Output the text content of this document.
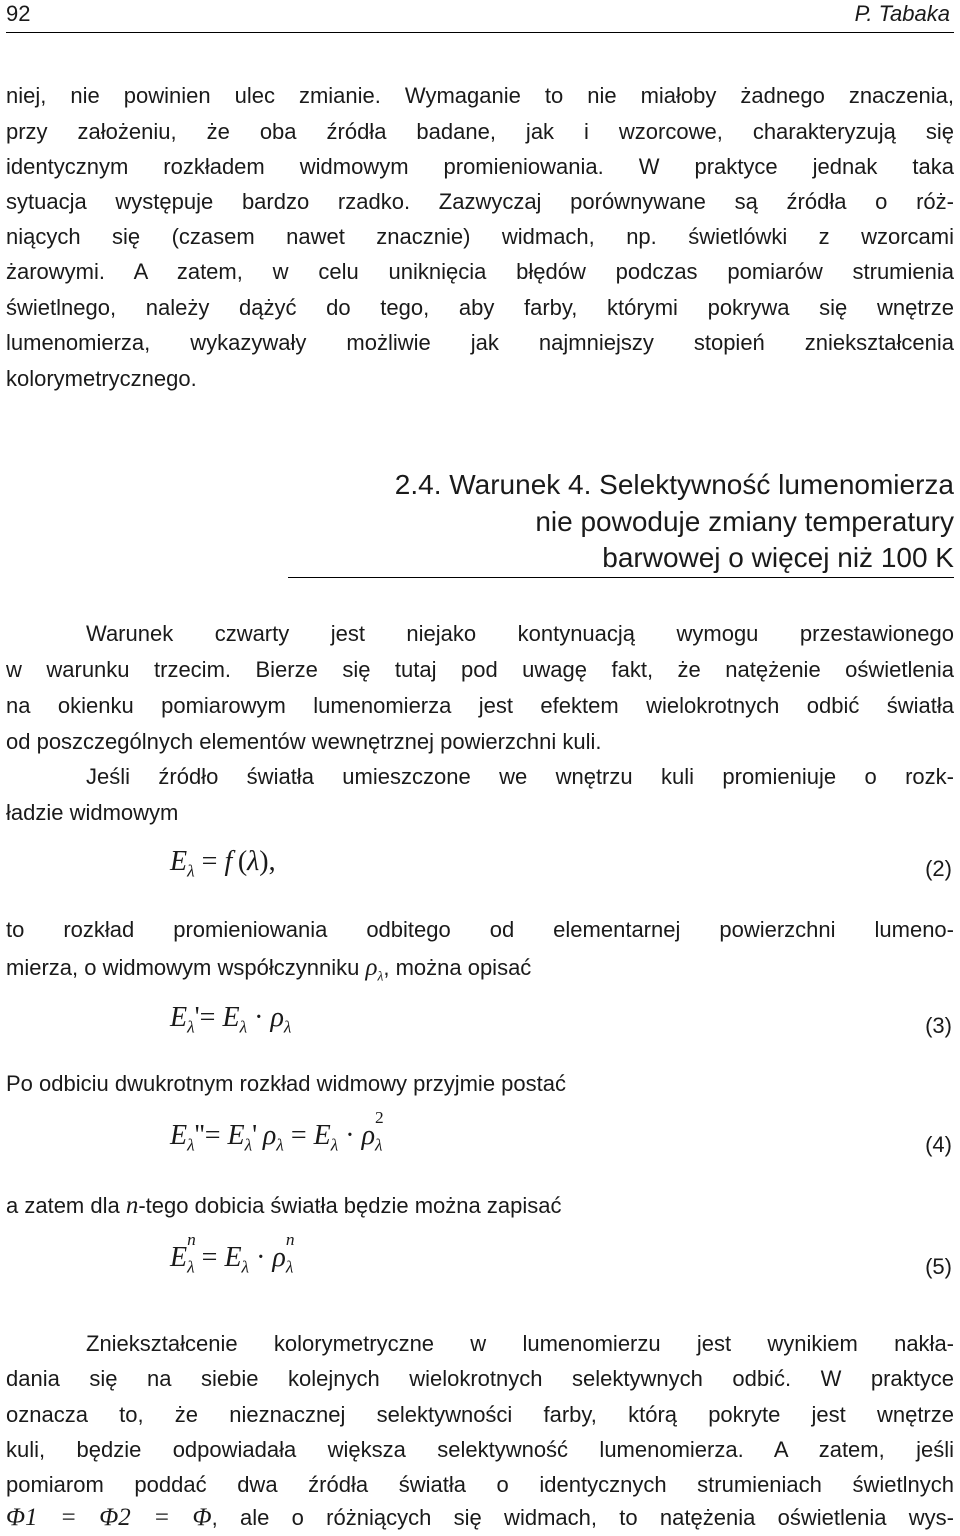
92	P. Tabaka
niej, nie powinien ulec zmianie. Wymaganie to nie miałoby żadnego znaczenia,
przy założeniu, że oba źródła badane, jak i wzorcowe, charakteryzują się
identycznym rozkładem widmowym promieniowania. W praktyce jednak taka
sytuacja występuje bardzo rzadko. Zazwyczaj porównywane są źródła o róż-
niących się (czasem nawet znacznie) widmach, np. świetlówki z wzorcami
żarowymi. A zatem, w celu uniknięcia błędów podczas pomiarów strumienia
świetlnego, należy dążyć do tego, aby farby, którymi pokrywa się wnętrze
lumenomierza, wykazywały możliwie jak najmniejszy stopień zniekształcenia
kolorymetrycznego.
2.4. Warunek 4. Selektywność lumenomierza
nie powoduje zmiany temperatury
barwowej o więcej niż 100 K
Warunek czwarty jest niejako kontynuacją wymogu przestawionego
w warunku trzecim. Bierze się tutaj pod uwagę fakt, że natężenie oświetlenia
na okienku pomiarowym lumenomierza jest efektem wielokrotnych odbić światła
od poszczególnych elementów wewnętrznej powierzchni kuli.
Jeśli źródło światła umieszczone we wnętrzu kuli promieniuje o rozk-
ładzie widmowym
$E_\lambda = f$ (λ),	(2)
to rozkład promieniowania odbitego od elementarnej powierzchni lumeno-
mierza, o widmowym współczynniku $\rho_\lambda$, można opisać
$E_\lambda'= E_\lambda \cdot \rho_\lambda$	(3)
Po odbiciu dwukrotnym rozkład widmowy przyjmie postać
$E_\lambda''= E_\lambda'$ $\rho_\lambda = E_\lambda \cdot \rho$
2
$_\lambda$	(4)
a zatem dla n-tego dobicia światła będzie można zapisać
E
n
$_\lambda = E_\lambda \cdot \rho$
n
$_\lambda$	(5)
Zniekształcenie kolorymetryczne w lumenomierzu jest wynikiem nakła-
dania się na siebie kolejnych wielokrotnych selektywnych odbić. W praktyce
oznacza to, że nieznacznej selektywności farby, którą pokryte jest wnętrze
kuli, będzie odpowiadała większa selektywność lumenomierza. A zatem, jeśli
pomiarom poddać dwa źródła światła o identycznych strumieniach świetlnych
Φ1 = Φ2 = Φ, ale o różniących się widmach, to natężenia oświetlenia wys-
